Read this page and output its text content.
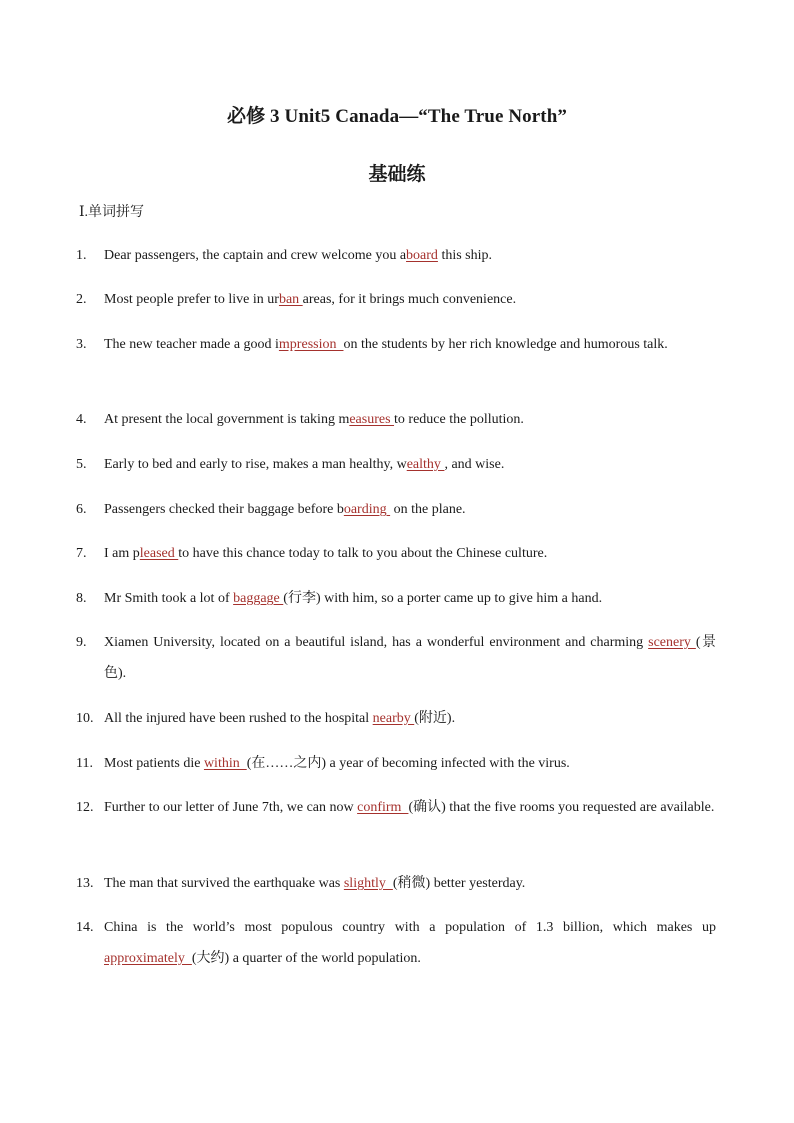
必修 3 Unit5 Canada—“The True North”
基础练
Ⅰ.单词拼写
1.	Dear passengers, the captain and crew welcome you aboard this ship.
2.	Most people prefer to live in urban areas, for it brings much convenience.
3.	The new teacher made a good impression  on the students by her rich knowledge and humorous talk.
4.	At present the local government is taking measures to reduce the pollution.
5.	Early to bed and early to rise, makes a man healthy, wealthy , and wise.
6.	Passengers checked their baggage before boarding  on the plane.
7.	I am pleased to have this chance today to talk to you about the Chinese culture.
8.	Mr Smith took a lot of baggage (行李) with him, so a porter came up to give him a hand.
9.	Xiamen University, located on a beautiful island, has a wonderful environment and charming scenery (景色).
10. All the injured have been rushed to the hospital nearby (附近).
11. Most patients die within  (在……之内) a year of becoming infected with the virus.
12. Further to our letter of June 7th, we can now confirm  (确认) that the five rooms you requested are available.
13. The man that survived the earthquake was slightly  (稍微) better yesterday.
14. China is the world’s most populous country with a population of 1.3 billion, which makes up approximately  (大约) a quarter of the world population.
